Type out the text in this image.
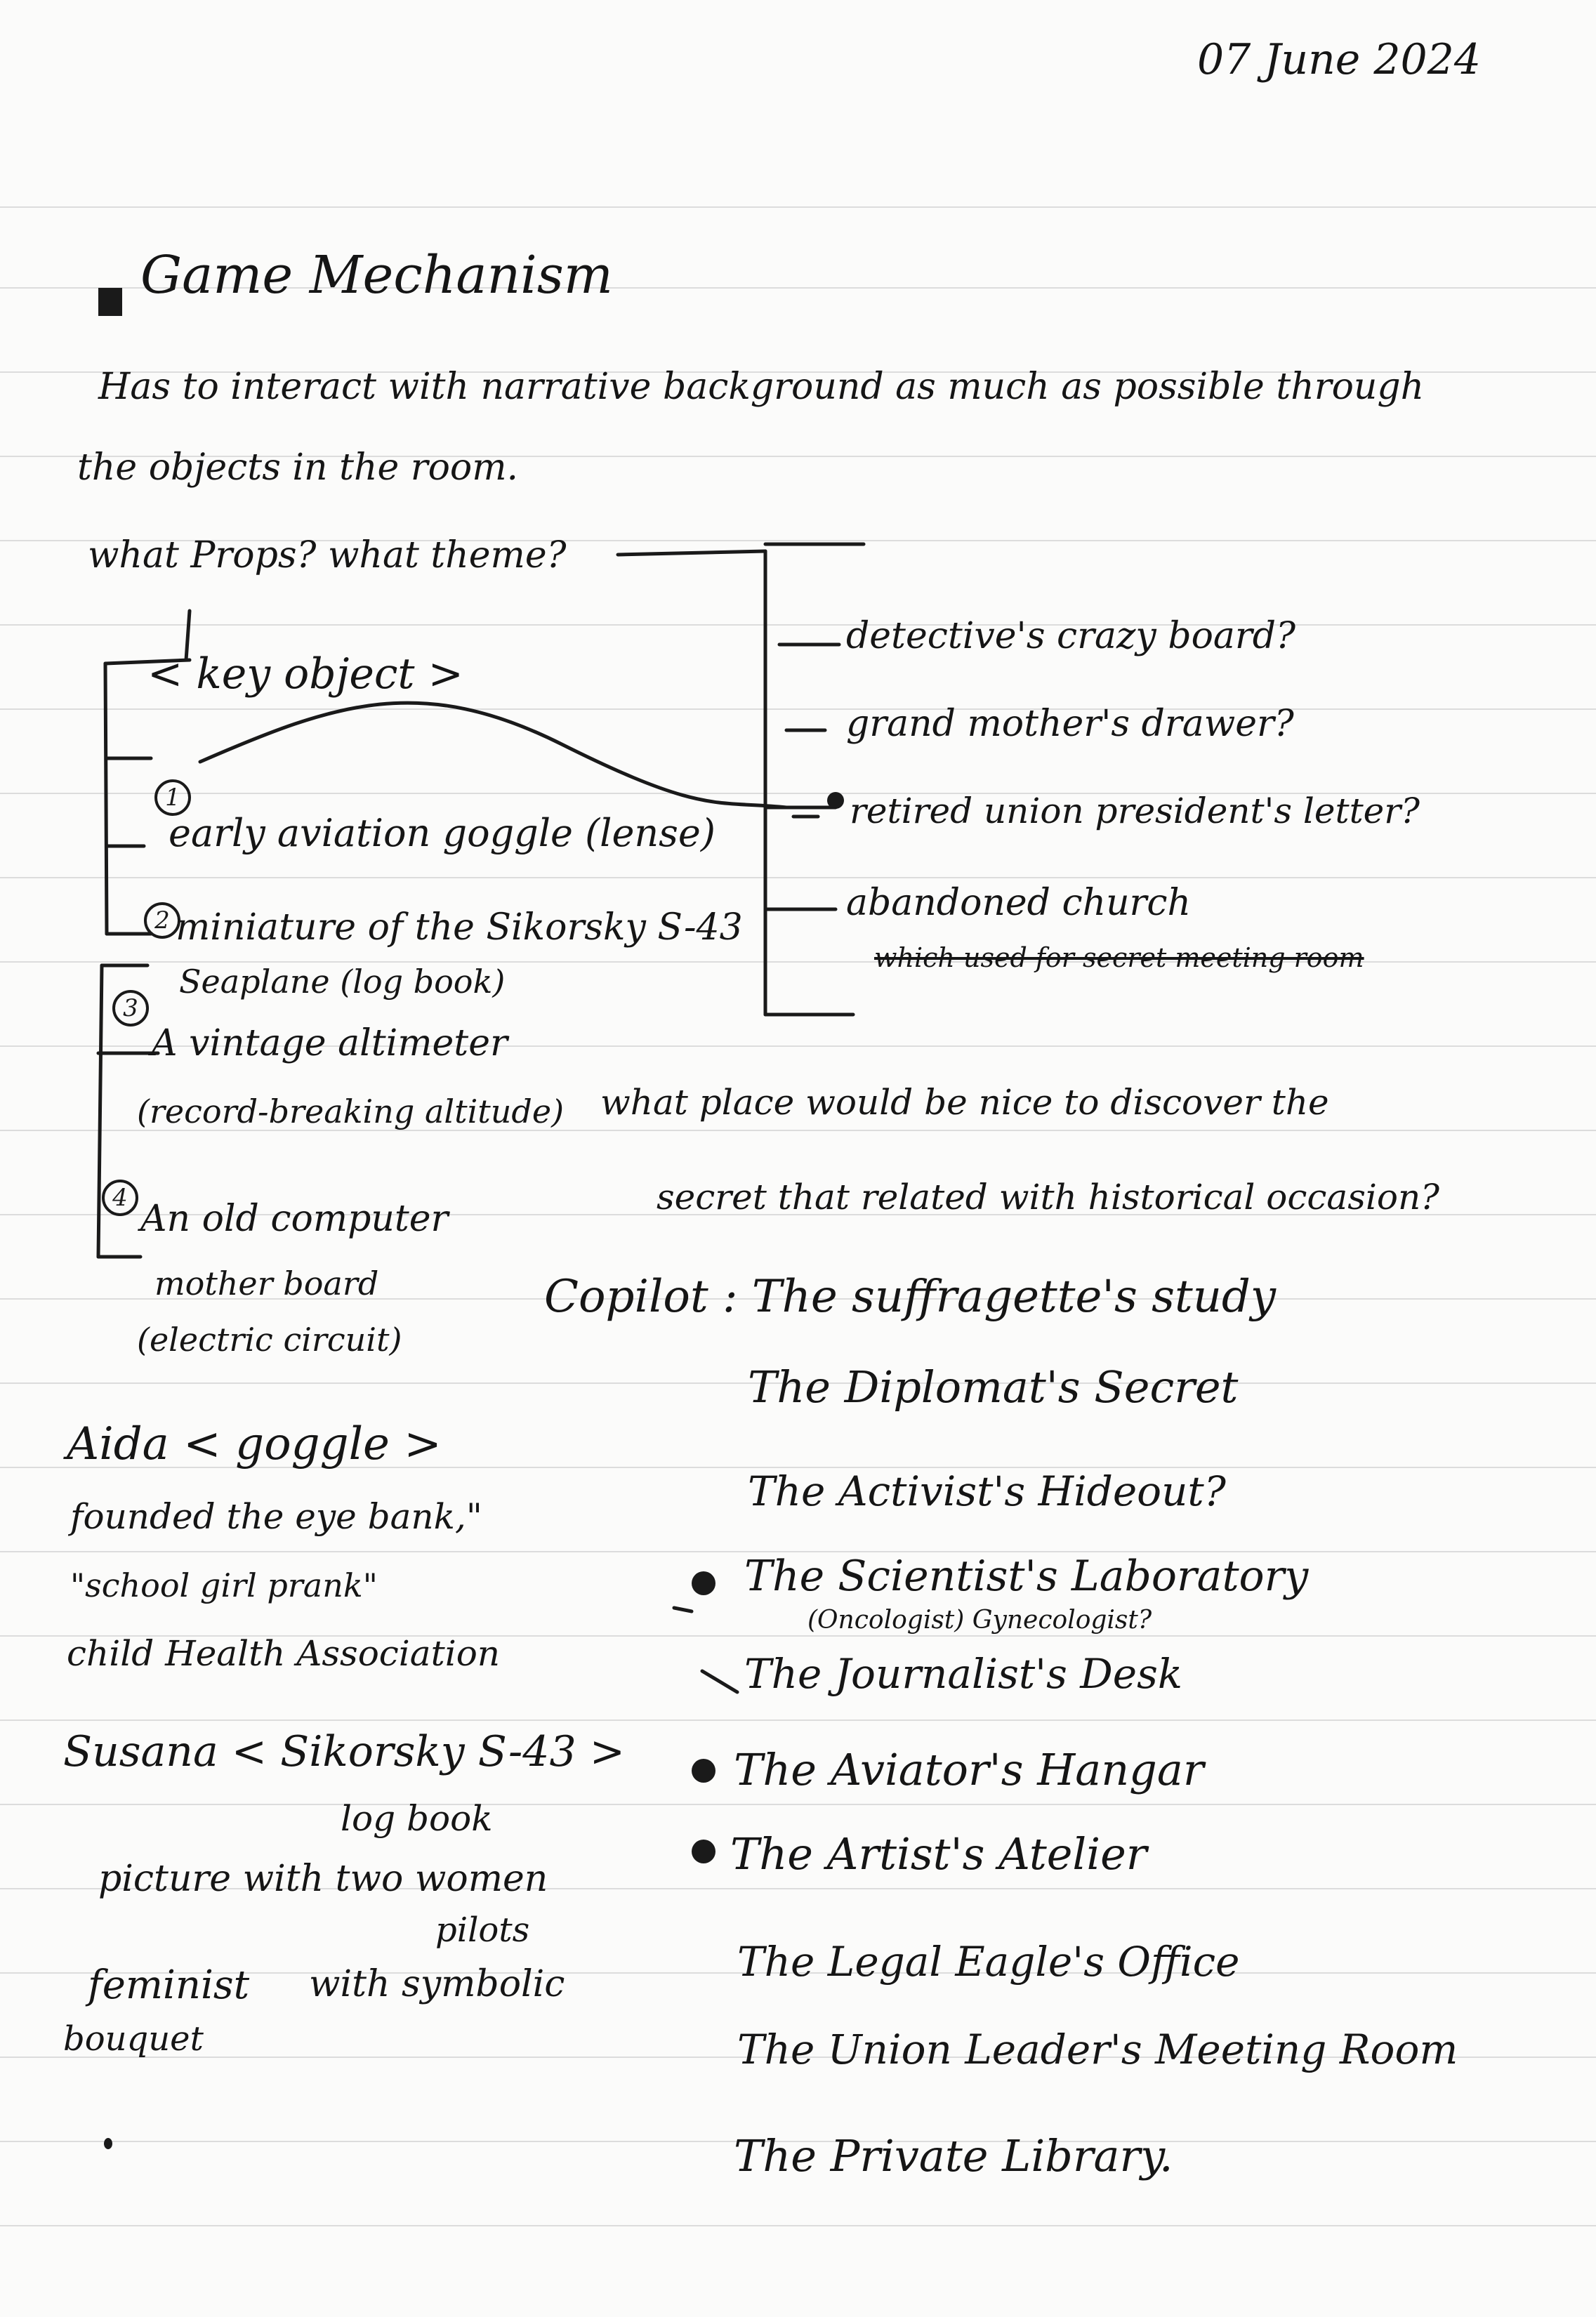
07 June 2024
Game Mechanism
Has to interact with narrative background as much as possible through
the objects in the room.
what Props? what theme?
< key object >
1
early aviation goggle (lense)
2 miniature of the Sikorsky S-43
Seaplane (log book)
3
A vintage altimeter
(record-breaking altitude)
4 An old computer
mother board
(electric circuit)
detective's crazy board?
grand mother's drawer?
retired union president's letter?
abandoned church
which used for secret meeting room
what place would be nice to discover the
secret that related with historical occasion?
Copilot : The suffragette's study
The Diplomat's Secret
The Activist's Hideout?
The Scientist's Laboratory
(Oncologist) Gynecologist?
The Journalist's Desk
The Aviator's Hangar
The Artist's Atelier
The Legal Eagle's Office
The Union Leader's Meeting Room
The Private Library.
Aida < goggle >
founded the eye bank,"
"school girl prank"
child Health Association
Susana < Sikorsky S-43 >
log book
picture with two women
pilots
feminist
bouquet
with symbolic
